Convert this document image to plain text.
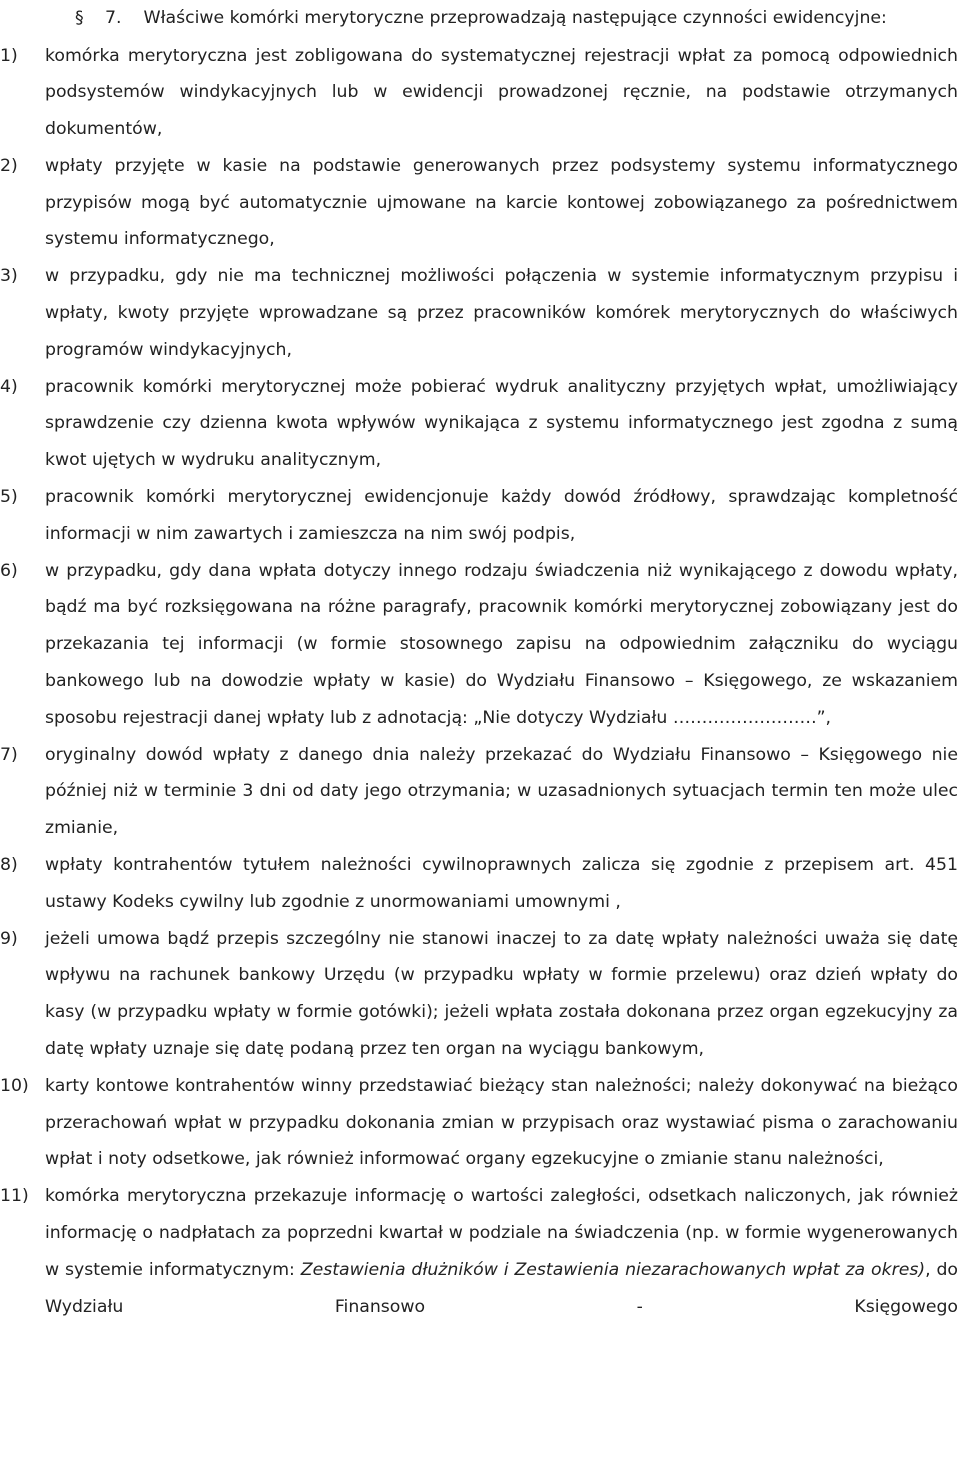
§ 7. Właściwe komórki merytoryczne przeprowadzają następujące czynności ewidencyjne:
1) komórka merytoryczna jest zobligowana do systematycznej rejestracji wpłat za pomocą odpowiednich podsystemów windykacyjnych lub w ewidencji prowadzonej ręcznie, na podstawie otrzymanych dokumentów,
2) wpłaty przyjęte w kasie na podstawie generowanych przez podsystemy systemu informatycznego przypisów mogą być automatycznie ujmowane na karcie kontowej zobowiązanego za pośrednictwem systemu informatycznego,
3) w przypadku, gdy nie ma technicznej możliwości połączenia w systemie informatycznym przypisu i wpłaty, kwoty przyjęte wprowadzane są przez pracowników komórek merytorycznych do właściwych programów windykacyjnych,
4) pracownik komórki merytorycznej może pobierać wydruk analityczny przyjętych wpłat, umożliwiający sprawdzenie czy dzienna kwota wpływów wynikająca z systemu informatycznego jest zgodna z sumą kwot ujętych w wydruku analitycznym,
5) pracownik komórki merytorycznej ewidencjonuje każdy dowód źródłowy, sprawdzając kompletność informacji w nim zawartych i zamieszcza na nim swój podpis,
6) w przypadku, gdy dana wpłata dotyczy innego rodzaju świadczenia niż wynikającego z dowodu wpłaty, bądź ma być rozksięgowana na różne paragrafy, pracownik komórki merytorycznej zobowiązany jest do przekazania tej informacji (w formie stosownego zapisu na odpowiednim załączniku do wyciągu bankowego lub na dowodzie wpłaty w kasie) do Wydziału Finansowo – Księgowego, ze wskazaniem sposobu rejestracji danej wpłaty lub z adnotacją: „Nie dotyczy Wydziału …………………….”,
7) oryginalny dowód wpłaty z danego dnia należy przekazać do Wydziału Finansowo – Księgowego nie później niż w terminie 3 dni od daty jego otrzymania; w uzasadnionych sytuacjach termin ten może ulec zmianie,
8) wpłaty kontrahentów tytułem należności cywilnoprawnych zalicza się zgodnie z przepisem art. 451 ustawy Kodeks cywilny lub zgodnie z unormowaniami umownymi ,
9) jeżeli umowa bądź przepis szczególny nie stanowi inaczej to za datę wpłaty należności uważa się datę wpływu na rachunek bankowy Urzędu (w przypadku wpłaty w formie przelewu) oraz dzień wpłaty do kasy (w przypadku wpłaty w formie gotówki); jeżeli wpłata została dokonana przez organ egzekucyjny za datę wpłaty uznaje się datę podaną przez ten organ na wyciągu bankowym,
10) karty kontowe kontrahentów winny przedstawiać bieżący stan należności; należy dokonywać na bieżąco przerachowań wpłat w przypadku dokonania zmian w przypisach oraz wystawiać pisma o zarachowaniu wpłat i noty odsetkowe, jak również informować organy egzekucyjne o zmianie stanu należności,
11) komórka merytoryczna przekazuje informację o wartości zaległości, odsetkach naliczonych, jak również informację o nadpłatach za poprzedni kwartał w podziale na świadczenia (np. w formie wygenerowanych w systemie informatycznym: Zestawienia dłużników i Zestawienia niezarachowanych wpłat za okres), do Wydziału Finansowo - Księgowego
